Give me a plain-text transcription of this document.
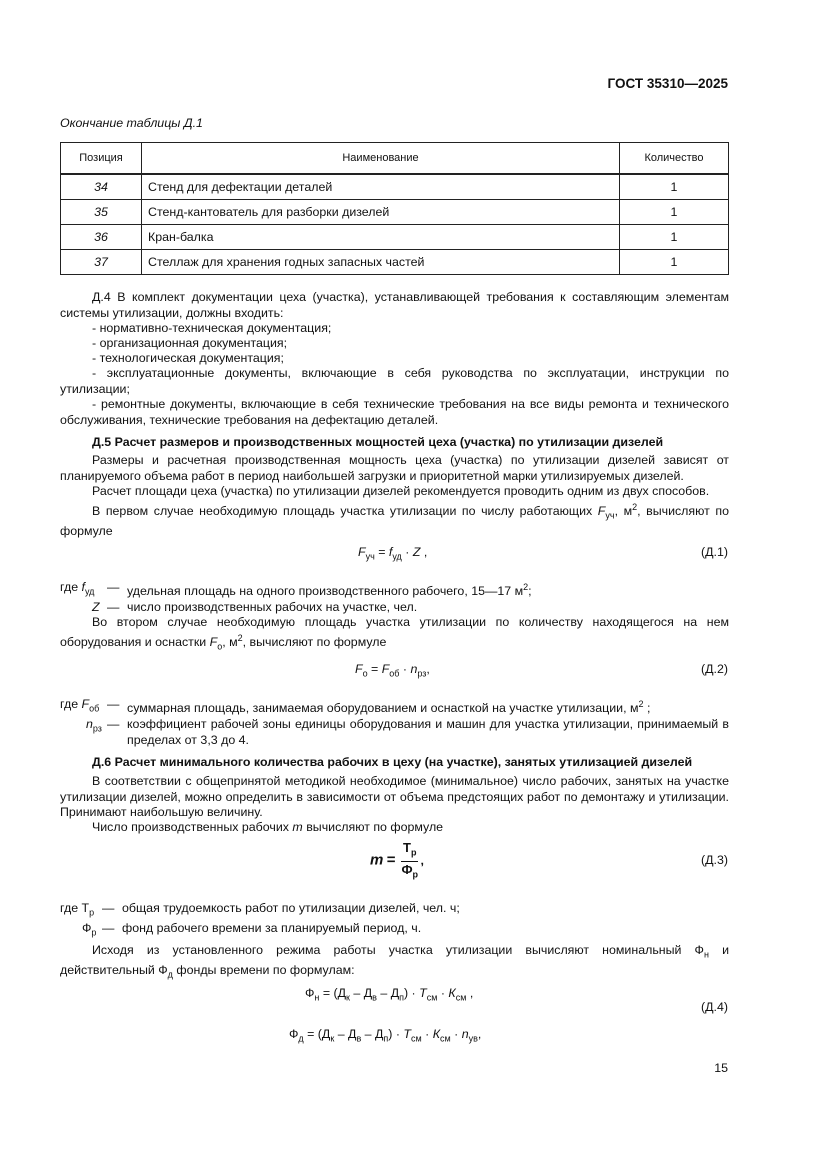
ГОСТ 35310—2025
Окончание таблицы Д.1
Позиция	Наименование	Количество
34	Стенд для дефектации деталей	1
35	Стенд-кантователь для разборки дизелей	1
36	Кран-балка	1
37	Стеллаж для хранения годных запасных частей	1

Д.4 В комплект документации цеха (участка), устанавливающей требования к составляющим элементам системы утилизации, должны входить:

- нормативно-техническая документация;

- организационная документация;

- технологическая документация;

- эксплуатационные документы, включающие в себя руководства по эксплуатации, инструкции по утилизации;

- ремонтные документы, включающие в себя технические требования на все виды ремонта и технического обслуживания, технические требования на дефектацию деталей.

Д.5 Расчет размеров и производственных мощностей цеха (участка) по утилизации дизелей

Размеры и расчетная производственная мощность цеха (участка) по утилизации дизелей зависят от планируемого объема работ в период наибольшей загрузки и приоритетной марки утилизируемых дизелей.

Расчет площади цеха (участка) по утилизации дизелей рекомендуется проводить одним из двух способов.

В первом случае необходимую площадь участка утилизации по числу работающих $F_{уч}$, $м^2$, вычисляют по формуле

$F_{уч} = f_{уд} \cdot Z$ ,	(Д.1)
где $f_{уд}$ — удельная площадь на одного производственного рабочего, 15—17 $м^2$;
Z — число производственных рабочих на участке, чел.

Во втором случае необходимую площадь участка утилизации по количеству находящегося на нем оборудования и оснастки $F_о$, $м^2$, вычисляют по формуле

$F_о = F_{об} \cdot n_{рз}$,	(Д.2)
где $F_{об}$ — суммарная площадь, занимаемая оборудованием и оснасткой на участке утилизации, $м^2$ ;
$n_{рз}$ — коэффициент рабочей зоны единицы оборудования и машин для участка утилизации, принимаемый в пределах от 3,3 до 4.

Д.6 Расчет минимального количества рабочих в цеху (на участке), занятых утилизацией дизелей

В соответствии с общепринятой методикой необходимое (минимальное) число рабочих, занятых на участке утилизации дизелей, можно определить в зависимости от объема предстоящих работ по демонтажу и утилизации. Принимают наибольшую величину.

Число производственных рабочих m вычисляют по формуле

$m = \frac{Т_р}{Ф_р}$ ,	(Д.3)
где $Т_р$ — общая трудоемкость работ по утилизации дизелей, чел. ч;
$Ф_р$ — фонд рабочего времени за планируемый период, ч.

Исходя из установленного режима работы участка утилизации вычисляют номинальный $Ф_н$ и действительный $Ф_д$ фонды времени по формулам:

$Ф_н = (Д_к - Д_в - Д_п) \cdot Т_{см} \cdot К_{см}$ ,
(Д.4)
$Ф_д = (Д_к - Д_в - Д_п) \cdot Т_{см} \cdot К_{см} \cdot n_{ув}$,
15
